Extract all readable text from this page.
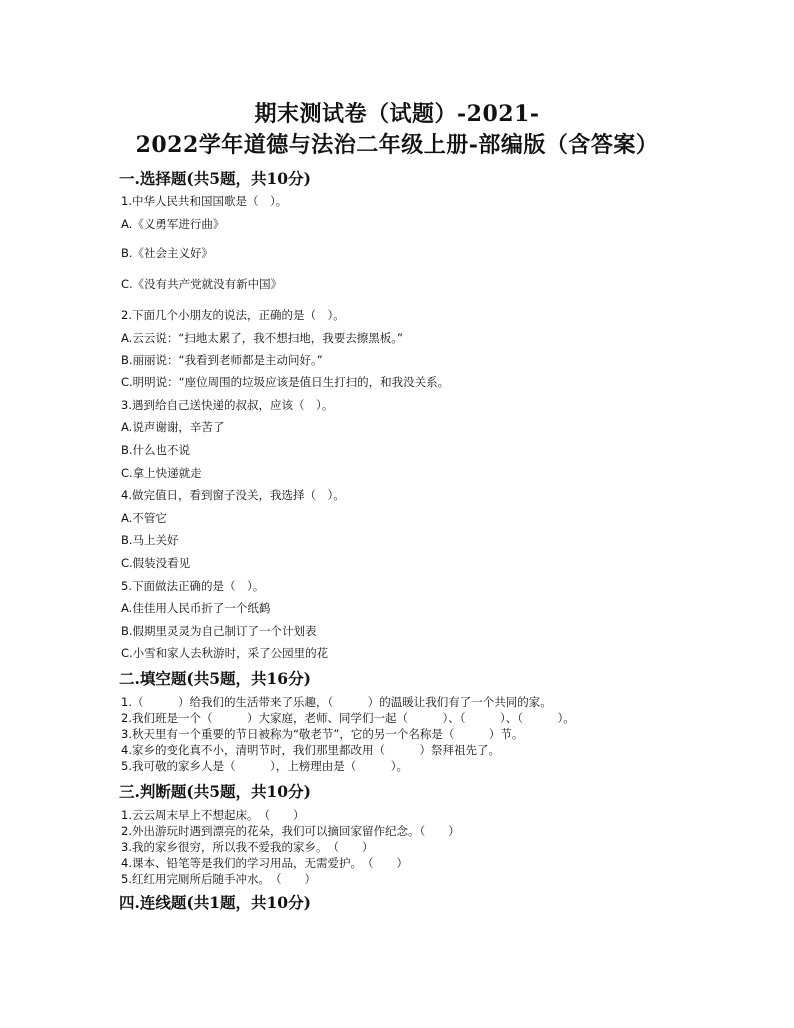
期末测试卷（试题）-2021-
2022学年道德与法治二年级上册-部编版（含答案）
一.选择题(共5题，共10分)
1.中华人民共和国国歌是（　）。
A.《义勇军进行曲》
B.《社会主义好》
C.《没有共产党就没有新中国》
2.下面几个小朋友的说法，正确的是（　）。
A.云云说：“扫地太累了，我不想扫地，我要去擦黑板。”
B.丽丽说：“我看到老师都是主动问好。”
C.明明说：“座位周围的垃圾应该是值日生打扫的，和我没关系。
3.遇到给自己送快递的叔叔，应该（　）。
A.说声谢谢，辛苦了
B.什么也不说
C.拿上快递就走
4.做完值日，看到窗子没关，我选择（　）。
A.不管它
B.马上关好
C.假装没看见
5.下面做法正确的是（　）。
A.佳佳用人民币折了一个纸鹤
B.假期里灵灵为自己制订了一个计划表
C.小雪和家人去秋游时，采了公园里的花
二.填空题(共5题，共16分)
1.（　　　）给我们的生活带来了乐趣，（　　　）的温暖让我们有了一个共同的家。
2.我们班是一个（　　　）大家庭，老师、同学们一起（　　　）、（　　　）、（　　　）。
3.秋天里有一个重要的节日被称为“敬老节”，它的另一个名称是（　　　）节。
4.家乡的变化真不小，清明节时，我们那里都改用（　　　）祭拜祖先了。
5.我可敬的家乡人是（　　　），上榜理由是（　　　）。
三.判断题(共5题，共10分)
1.云云周末早上不想起床。　（　　）
2.外出游玩时遇到漂亮的花朵，我们可以摘回家留作纪念。（　　）
3.我的家乡很穷，所以我不爱我的家乡。　（　　）
4.课本、铅笔等是我们的学习用品，无需爱护。　（　　）
5.红红用完厕所后随手冲水。　（　　）
四.连线题(共1题，共10分)
